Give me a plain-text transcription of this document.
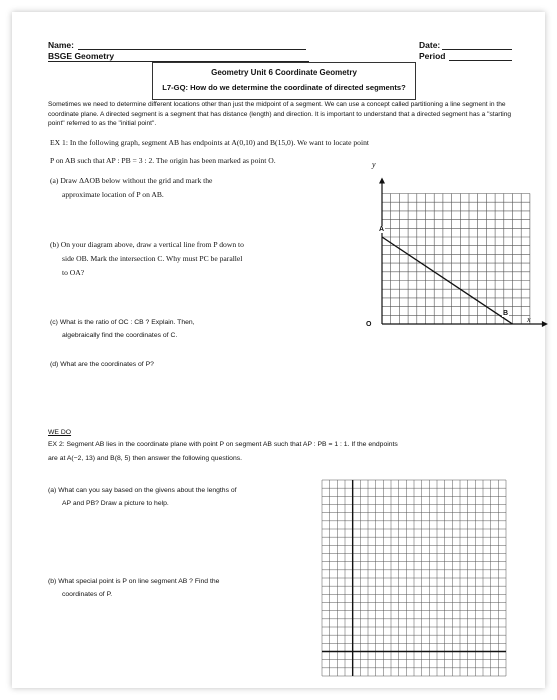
Name:
BSGE Geometry
Date:
Period
Geometry Unit 6 Coordinate Geometry
L7-GQ: How do we determine the coordinate of directed segments?
Sometimes we need to determine different locations other than just the midpoint of a segment. We can use a concept called partitioning a line segment in the coordinate plane. A directed segment is a segment that has distance (length) and direction. It is important to understand that a directed segment has a "starting point" referred to as the "initial point".
EX 1: In the following graph, segment AB has endpoints at A(0,10) and B(15,0). We want to locate point
P on AB such that AP : PB = 3 : 2. The origin has been marked as point O.
(a) Draw ΔAOB below without the grid and mark the
approximate location of P on AB.
(b) On your diagram above, draw a vertical line from P down to
side OB. Mark the intersection C. Why must PC be parallel
to OA?
(c) What is the ratio of OC : CB ? Explain. Then,
algebraically find the coordinates of C.
(d) What are the coordinates of P?
y
x
A
B
O
WE DO
EX 2: Segment AB lies in the coordinate plane with point P on segment AB such that AP : PB = 1 : 1. If the endpoints
are at A(−2, 13) and B(8, 5) then answer the following questions.
(a) What can you say based on the givens about the lengths of
AP and PB? Draw a picture to help.
(b) What special point is P on line segment AB ? Find the
coordinates of P.
